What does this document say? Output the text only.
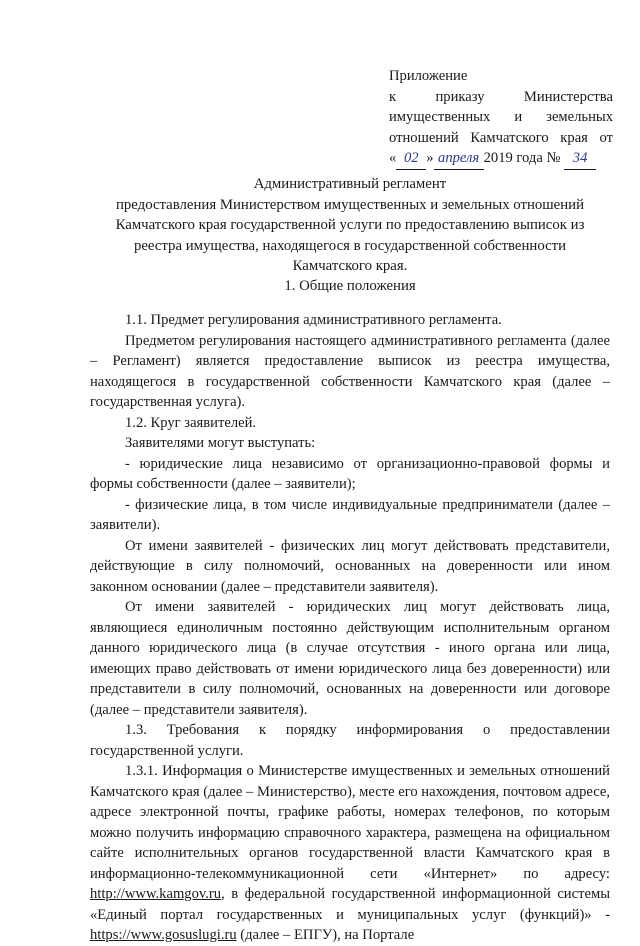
Приложение
к приказу Министерства
имущественных и земельных
отношений Камчатского края от
« 02 » апреля 2019 года № 34
Административный регламент
предоставления Министерством имущественных и земельных отношений
Камчатского края государственной услуги по предоставлению выписок из
реестра имущества, находящегося в государственной собственности
Камчатского края.
1. Общие положения

1.1. Предмет регулирования административного регламента.

Предметом регулирования настоящего административного регламента (далее – Регламент) является предоставление выписок из реестра имущества, находящегося в государственной собственности Камчатского края (далее – государственная услуга).

1.2. Круг заявителей.

Заявителями могут выступать:

- юридические лица независимо от организационно-правовой формы и формы собственности (далее – заявители);

- физические лица, в том числе индивидуальные предприниматели (далее – заявители).

От имени заявителей - физических лиц могут действовать представители, действующие в силу полномочий, основанных на доверенности или ином законном основании (далее – представители заявителя).

От имени заявителей - юридических лиц могут действовать лица, являющиеся единоличным постоянно действующим исполнительным органом данного юридического лица (в случае отсутствия - иного органа или лица, имеющих право действовать от имени юридического лица без доверенности) или представители в силу полномочий, основанных на доверенности или договоре (далее – представители заявителя).

1.3. Требования к порядку информирования о предоставлении государственной услуги.

1.3.1. Информация о Министерстве имущественных и земельных отношений Камчатского края (далее – Министерство), месте его нахождения, почтовом адресе, адресе электронной почты, графике работы, номерах телефонов, по которым можно получить информацию справочного характера, размещена на официальном сайте исполнительных органов государственной власти Камчатского края в информационно-телекоммуникационной сети «Интернет» по адресу: http://www.kamgov.ru, в федеральной государственной информационной системы «Единый портал государственных и муниципальных услуг (функций)» - https://www.gosuslugi.ru (далее – ЕПГУ), на Портале
